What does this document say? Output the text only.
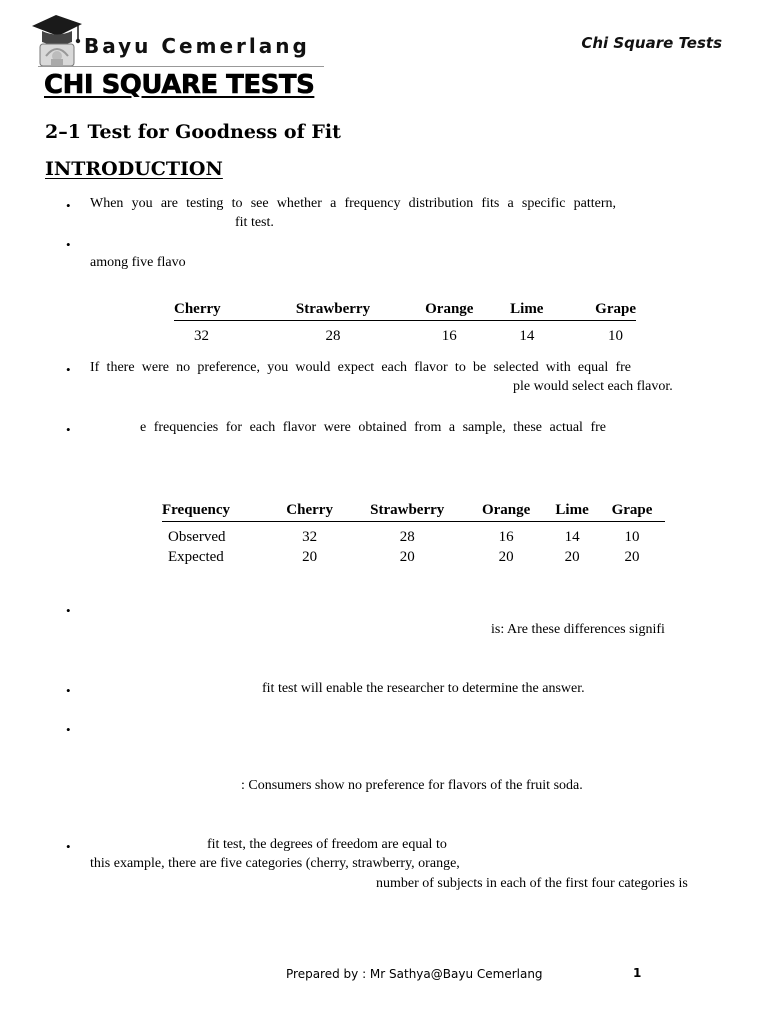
Bayu Cemerlang	Chi Square Tests
CHI SQUARE TESTS
2–1 Test for Goodness of Fit
INTRODUCTION
• When you are testing to see whether a frequency distribution fits a specific pattern,
fit test.
•
among five flavo
Cherry	Strawberry	Orange	Lime	Grape
32	28	16	14	10
• If there were no preference, you would expect each flavor to be selected with equal fre
ple would select each flavor.
•	e frequencies for each flavor were obtained from a sample, these actual fre
Frequency	Cherry	Strawberry	Orange	Lime	Grape
Observed	32	28	16	14	10
Expected	20	20	20	20	20
•
is: Are these differences signifi
•	fit test will enable the researcher to determine the answer.
•
: Consumers show no preference for flavors of the fruit soda.
•	fit test, the degrees of freedom are equal to
this example, there are five categories (cherry, strawberry, orange,
number of subjects in each of the first four categories is
Prepared by : Mr Sathya@Bayu Cemerlang	1
